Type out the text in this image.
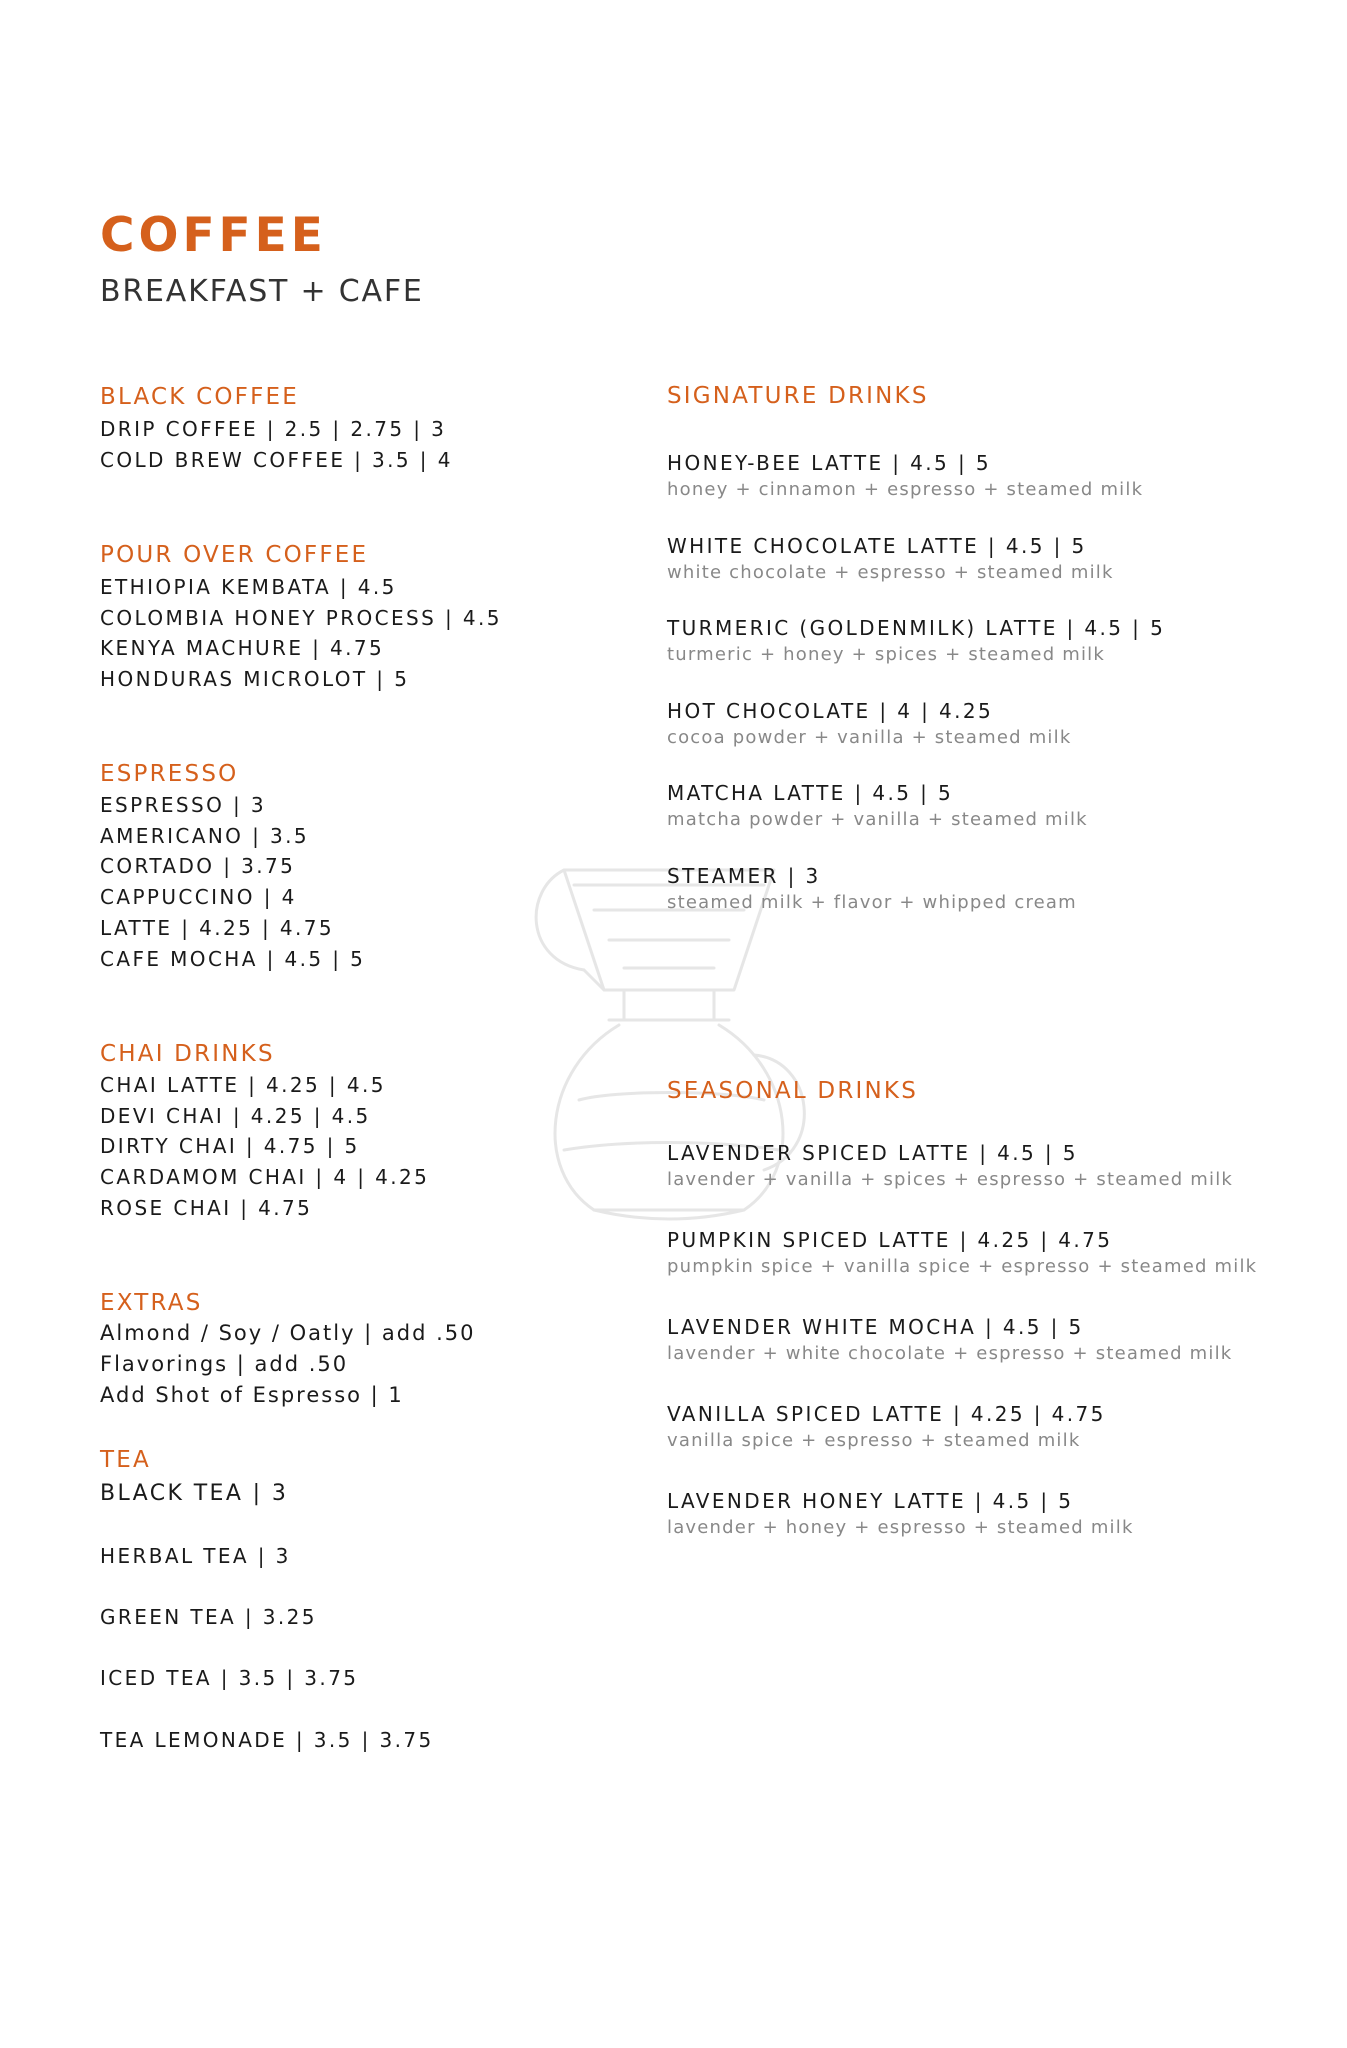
COFFEE
BREAKFAST + CAFE
BLACK COFFEE
DRIP COFFEE | 2.5 | 2.75 | 3
COLD BREW COFFEE | 3.5 | 4
POUR OVER COFFEE
ETHIOPIA KEMBATA | 4.5
COLOMBIA HONEY PROCESS | 4.5
KENYA MACHURE | 4.75
HONDURAS MICROLOT | 5
ESPRESSO
ESPRESSO | 3
AMERICANO | 3.5
CORTADO | 3.75
CAPPUCCINO | 4
LATTE | 4.25 | 4.75
CAFE MOCHA | 4.5 | 5
CHAI DRINKS
CHAI LATTE | 4.25 | 4.5
DEVI CHAI | 4.25 | 4.5
DIRTY CHAI | 4.75 | 5
CARDAMOM CHAI | 4 | 4.25
ROSE CHAI | 4.75
EXTRAS
Almond / Soy / Oatly | add .50
Flavorings | add .50
Add Shot of Espresso | 1
TEA
BLACK TEA | 3
HERBAL TEA | 3
GREEN TEA | 3.25
ICED TEA | 3.5 | 3.75
TEA LEMONADE | 3.5 | 3.75
SIGNATURE DRINKS
HONEY-BEE LATTE | 4.5 | 5
honey + cinnamon + espresso + steamed milk
WHITE CHOCOLATE LATTE | 4.5 | 5
white chocolate + espresso + steamed milk
TURMERIC (GOLDENMILK) LATTE | 4.5 | 5
turmeric + honey + spices + steamed milk
HOT CHOCOLATE | 4 | 4.25
cocoa powder + vanilla + steamed milk
MATCHA LATTE | 4.5 | 5
matcha powder + vanilla + steamed milk
STEAMER | 3
steamed milk + flavor + whipped cream
SEASONAL DRINKS
LAVENDER SPICED LATTE | 4.5 | 5
lavender + vanilla + spices + espresso + steamed milk
PUMPKIN SPICED LATTE | 4.25 | 4.75
pumpkin spice + vanilla spice + espresso + steamed milk
LAVENDER WHITE MOCHA | 4.5 | 5
lavender + white chocolate + espresso + steamed milk
VANILLA SPICED LATTE | 4.25 | 4.75
vanilla spice + espresso + steamed milk
LAVENDER HONEY LATTE | 4.5 | 5
lavender + honey + espresso + steamed milk
